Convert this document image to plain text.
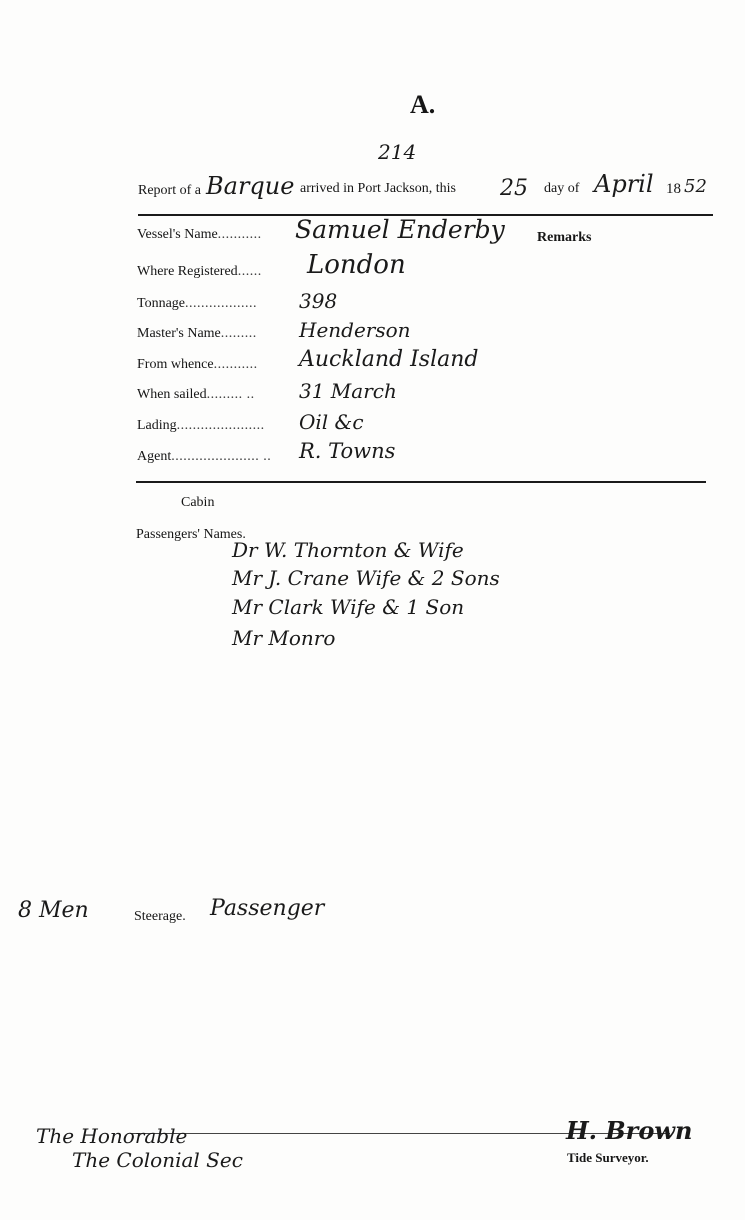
A.
214
Report of a Barque arrived in Port Jackson, this 25 day of April 18 52
Vessel's Name........... Samuel Enderby Remarks
Where Registered...... London
Tonnage.................. 398
Master's Name......... Henderson
From whence........... Auckland Island
When sailed......... .. 31 March
Lading...................... Oil &c
Agent...................... .. R. Towns
Cabin
Passengers' Names.
Dr W. Thornton & Wife
Mr J. Crane Wife & 2 Sons
Mr Clark Wife & 1 Son
Mr Monro
8 Men	Steerage. Passenger
The Honorable
The Colonial Sec
H. Brown
Tide Surveyor.
